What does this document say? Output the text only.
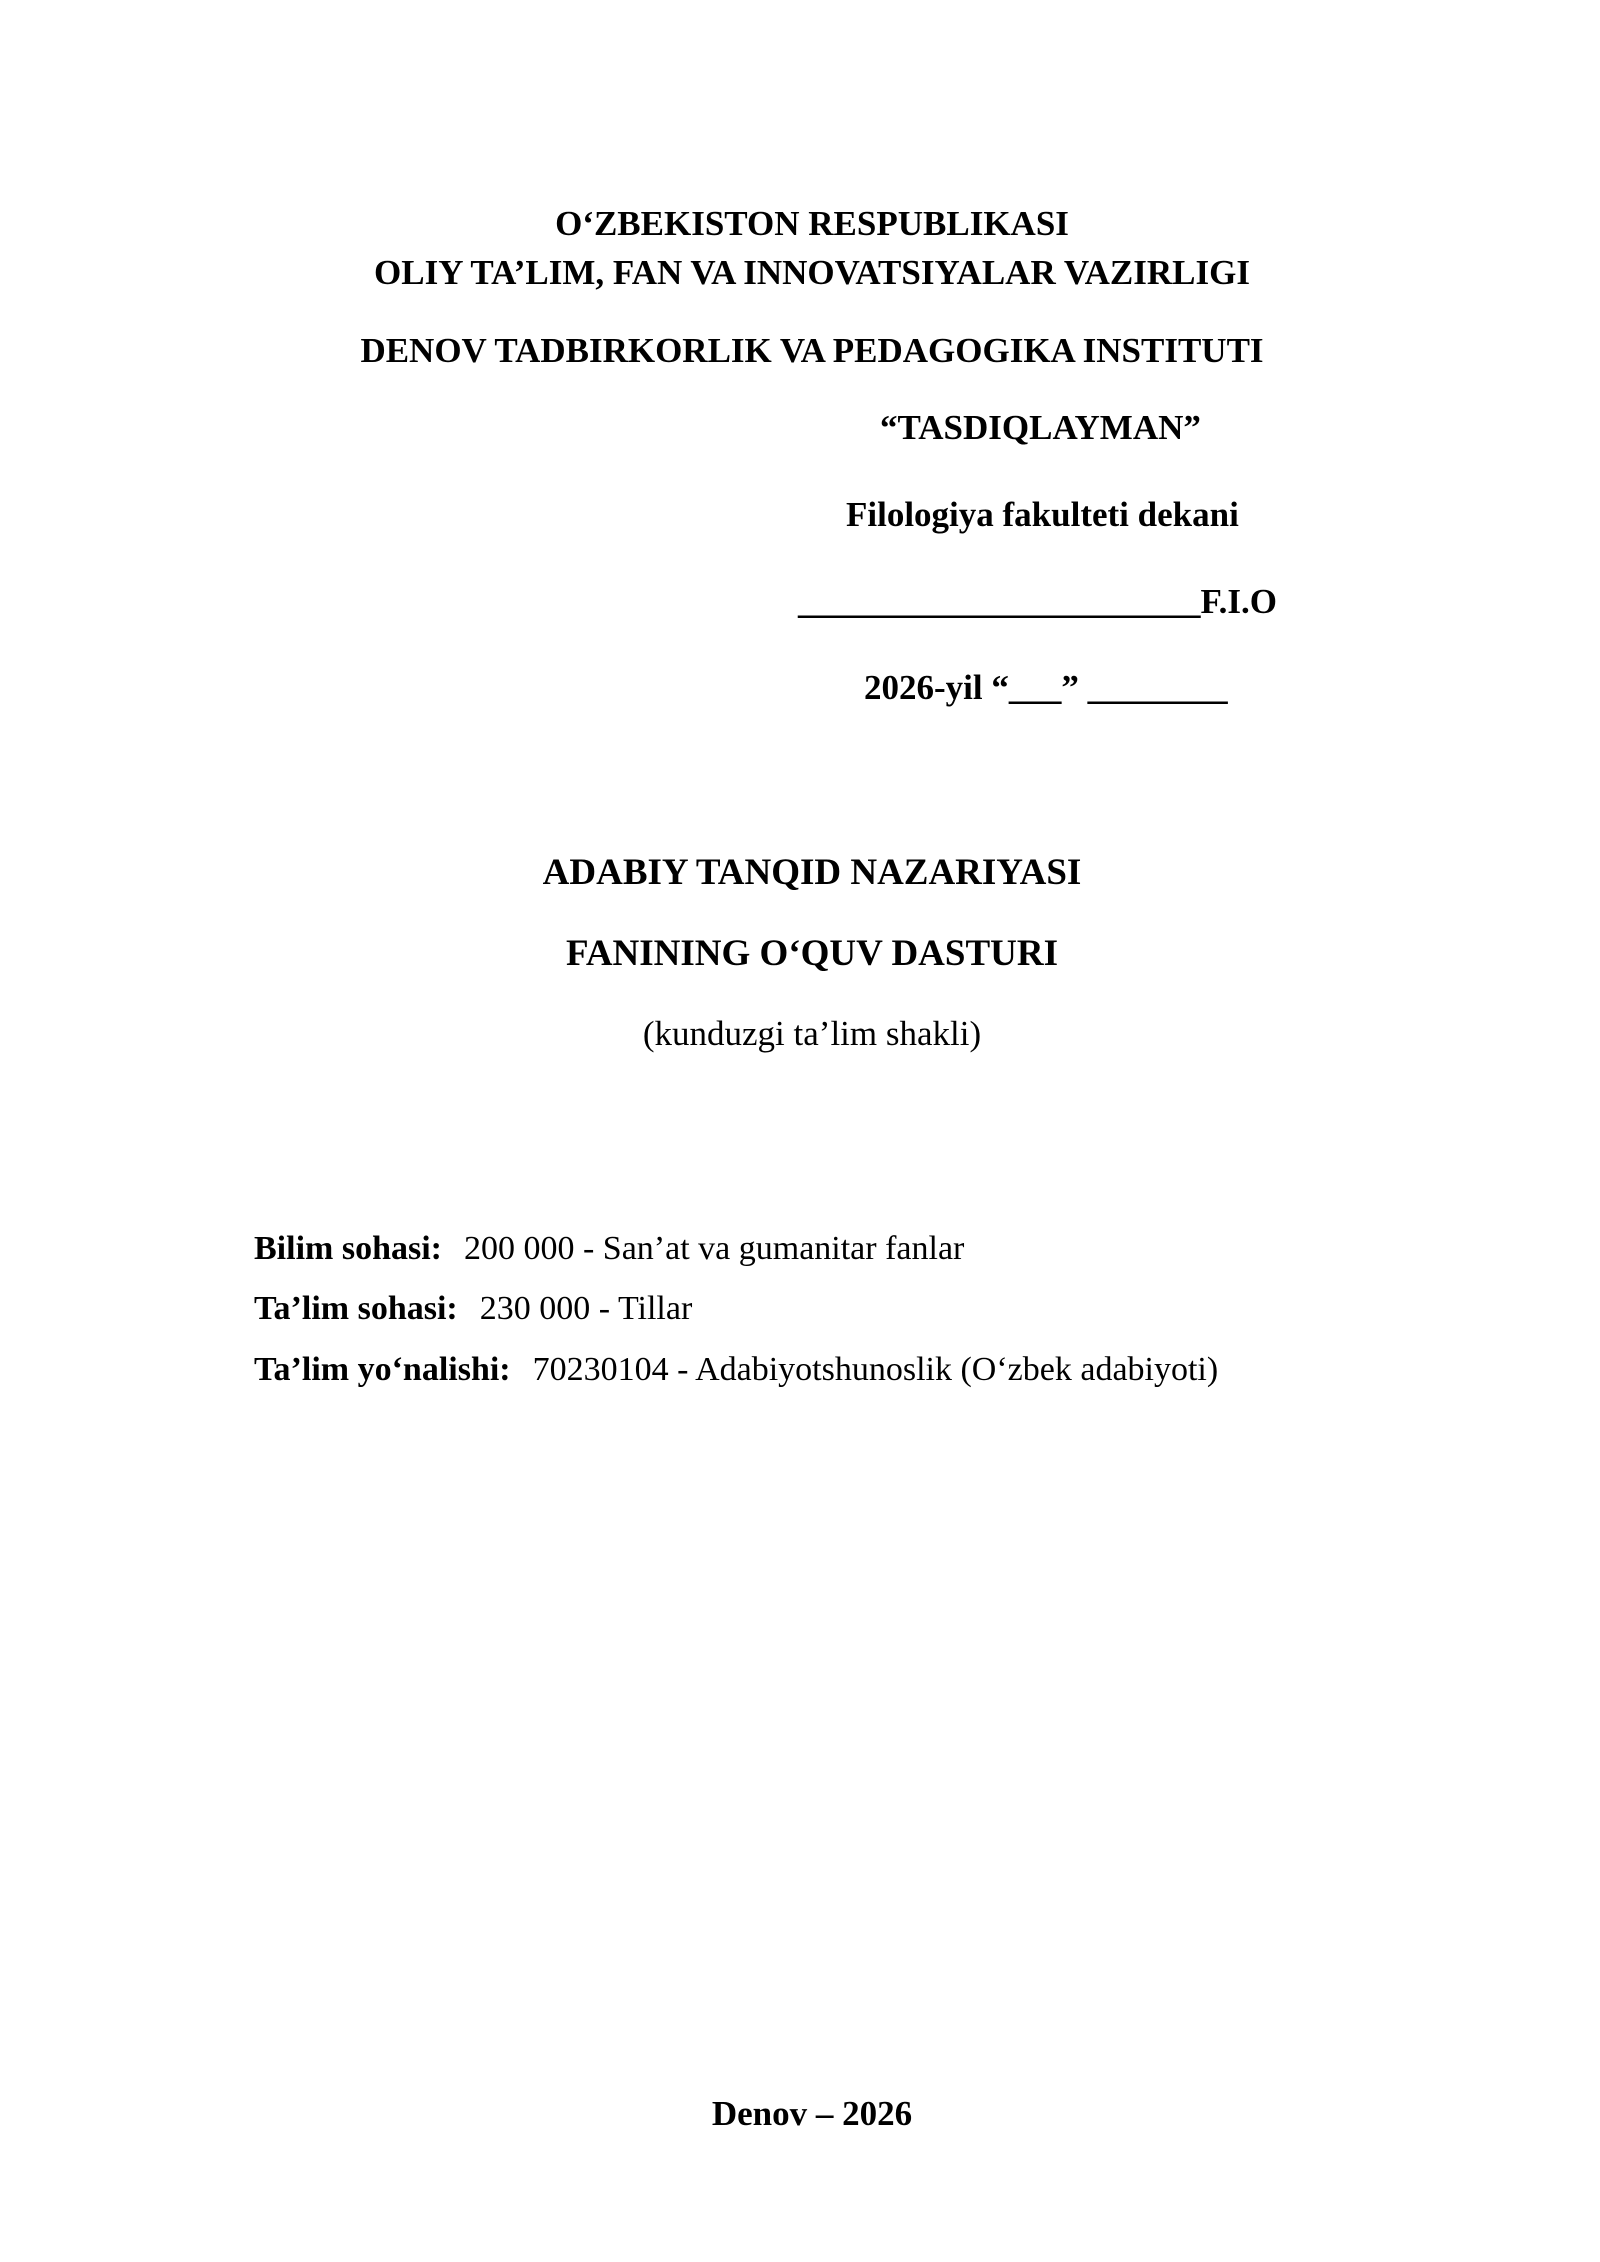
O‘ZBEKISTON RESPUBLIKASI
OLIY TA’LIM, FAN VA INNOVATSIYALAR VAZIRLIGI
DENOV TADBIRKORLIK VA PEDAGOGIKA INSTITUTI
“TASDIQLAYMAN”
Filologiya fakulteti dekani
_______________________F.I.O
2026-yil “___” ________
ADABIY TANQID NAZARIYASI
FANINING O‘QUV DASTURI
(kunduzgi ta’lim shakli)
Bilim sohasi: 200 000 - San’at va gumanitar fanlar
Ta’lim sohasi: 230 000 - Tillar
Ta’lim yo‘nalishi: 70230104 - Adabiyotshunoslik (O‘zbek adabiyoti)
Denov – 2026
